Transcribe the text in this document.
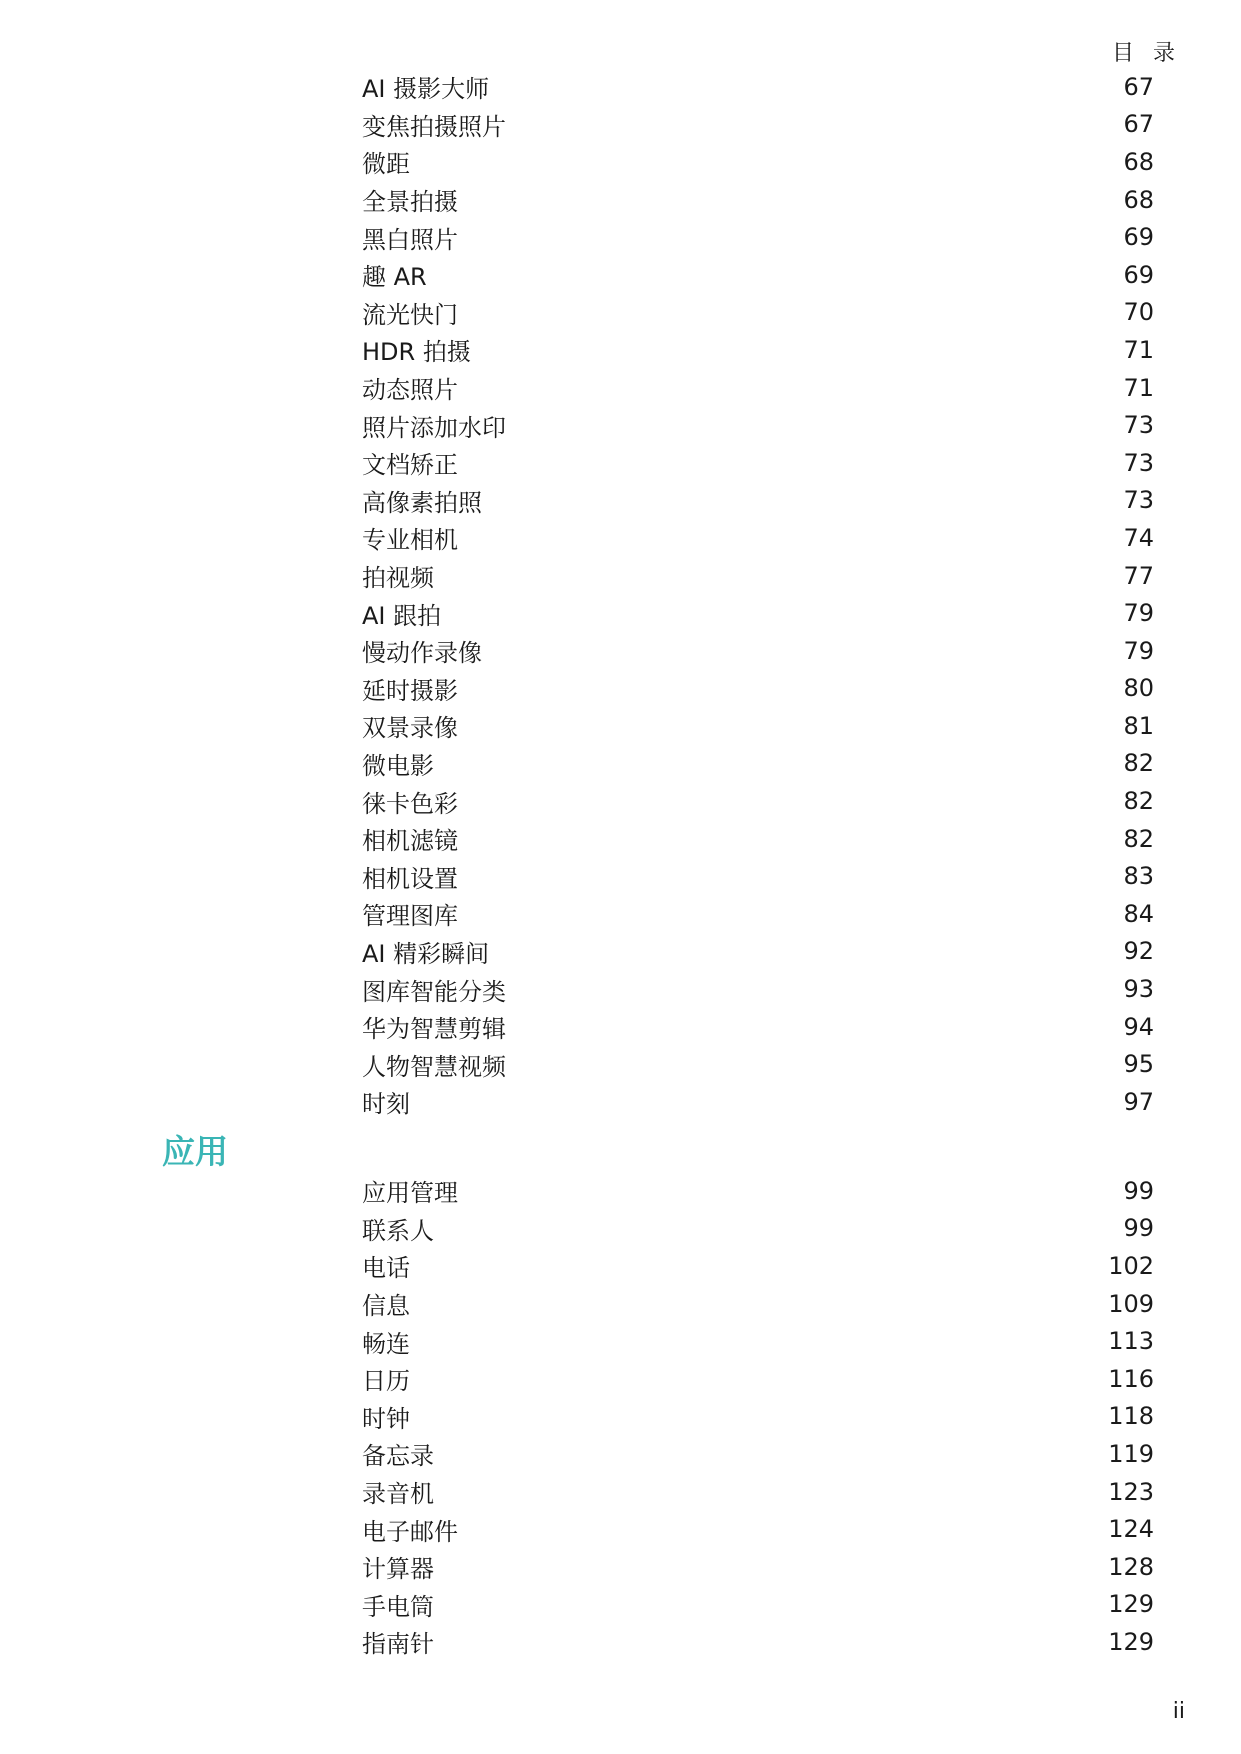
目 录
AI 摄影大师	67
变焦拍摄照片	67
微距	68
全景拍摄	68
黑白照片	69
趣 AR	69
流光快门	70
HDR 拍摄	71
动态照片	71
照片添加水印	73
文档矫正	73
高像素拍照	73
专业相机	74
拍视频	77
AI 跟拍	79
慢动作录像	79
延时摄影	80
双景录像	81
微电影	82
徕卡色彩	82
相机滤镜	82
相机设置	83
管理图库	84
AI 精彩瞬间	92
图库智能分类	93
华为智慧剪辑	94
人物智慧视频	95
时刻	97
应用
应用管理	99
联系人	99
电话	102
信息	109
畅连	113
日历	116
时钟	118
备忘录	119
录音机	123
电子邮件	124
计算器	128
手电筒	129
指南针	129
ii
